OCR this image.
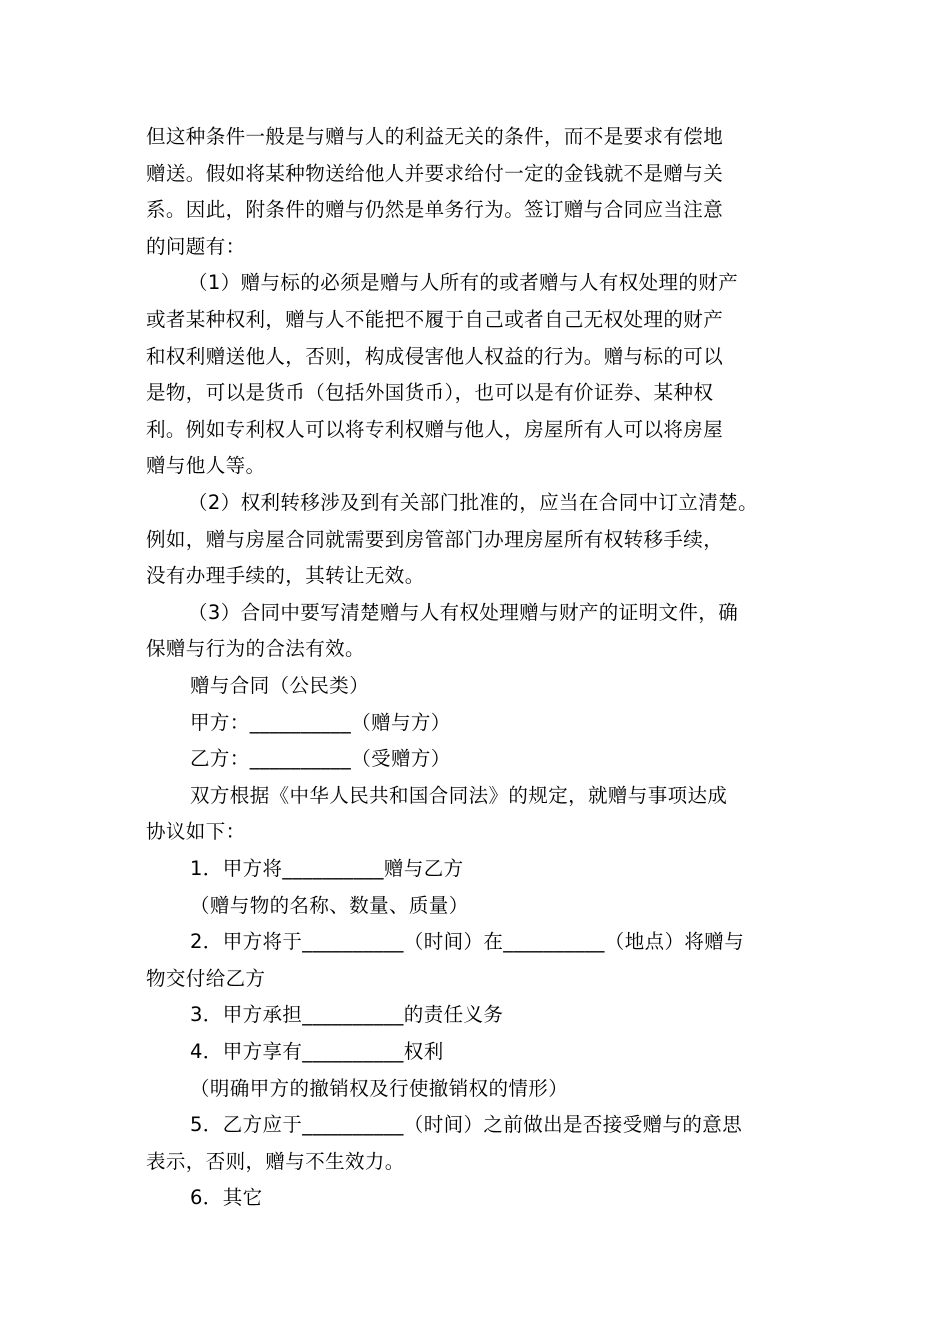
但这种条件一般是与赠与人的利益无关的条件，而不是要求有偿地
赠送。假如将某种物送给他人并要求给付一定的金钱就不是赠与关
系。因此，附条件的赠与仍然是单务行为。签订赠与合同应当注意
的问题有：
（1）赠与标的必须是赠与人所有的或者赠与人有权处理的财产
或者某种权利，赠与人不能把不履于自己或者自己无权处理的财产
和权利赠送他人，否则，构成侵害他人权益的行为。赠与标的可以
是物，可以是货币（包括外国货币），也可以是有价证券、某种权
利。例如专利权人可以将专利权赠与他人，房屋所有人可以将房屋
赠与他人等。
（2）权利转移涉及到有关部门批准的，应当在合同中订立清楚。
例如，赠与房屋合同就需要到房管部门办理房屋所有权转移手续，
没有办理手续的，其转让无效。
（3）合同中要写清楚赠与人有权处理赠与财产的证明文件，确
保赠与行为的合法有效。
赠与合同（公民类）
甲方：__________（赠与方）
乙方：__________（受赠方）
双方根据《中华人民共和国合同法》的规定，就赠与事项达成
协议如下：
1．甲方将__________赠与乙方
（赠与物的名称、数量、质量）
2．甲方将于__________（时间）在__________（地点）将赠与
物交付给乙方
3．甲方承担__________的责任义务
4．甲方享有__________权利
（明确甲方的撤销权及行使撤销权的情形）
5．乙方应于__________（时间）之前做出是否接受赠与的意思
表示，否则，赠与不生效力。
6．其它
